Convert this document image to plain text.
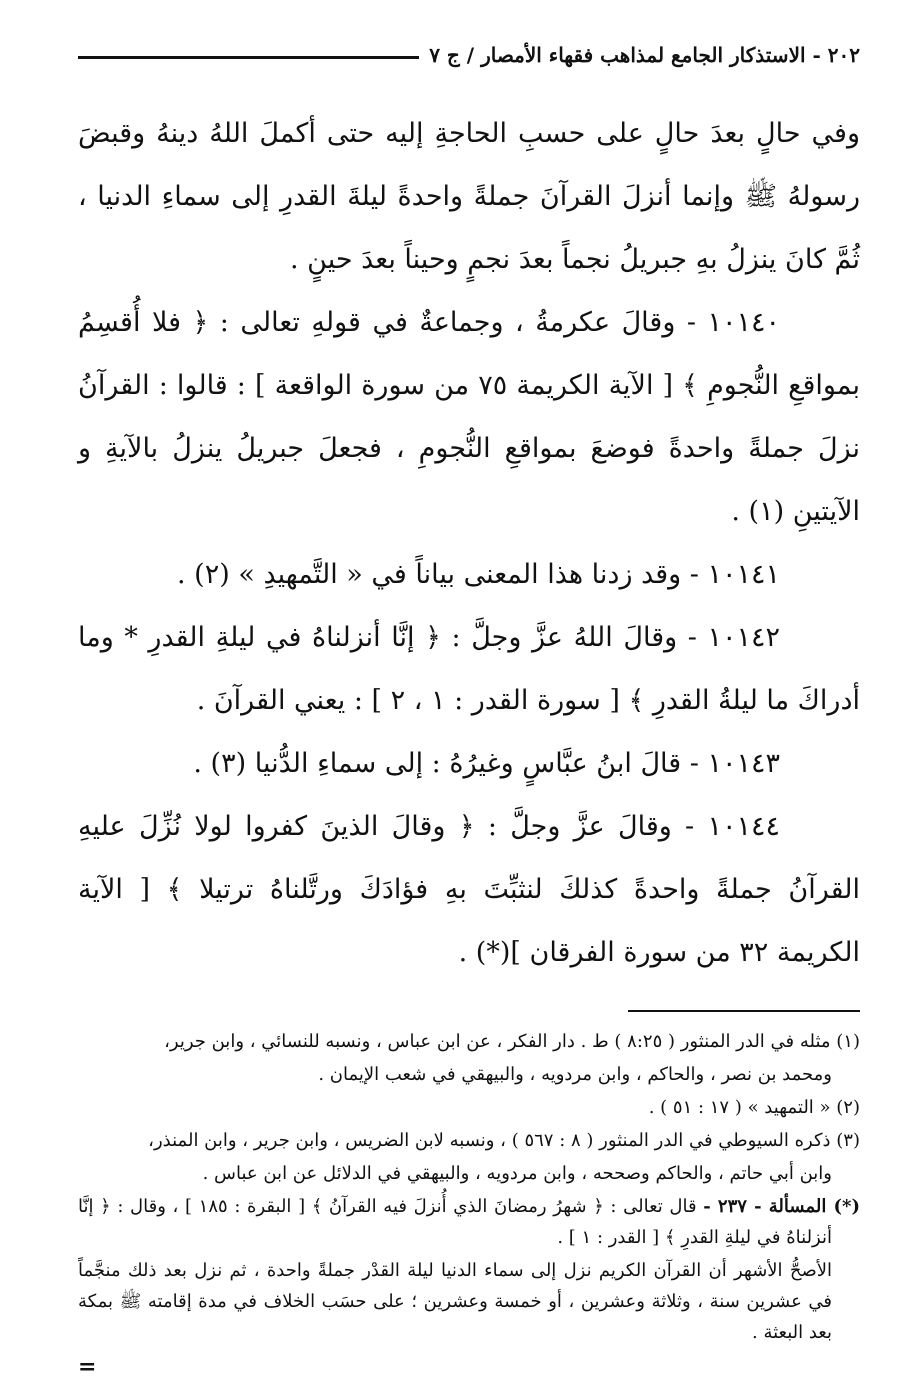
٢٠٢ - الاستذكار الجامع لمذاهب فقهاء الأمصار / ج ٧

وفي حالٍ بعدَ حالٍ على حسبِ الحاجةِ إليه حتى أكملَ اللهُ دينهُ وقبضَ رسولهُ ﷺ وإنما أنزلَ القرآنَ جملةً واحدةً ليلةَ القدرِ إلى سماءِ الدنيا ، ثُمَّ كانَ ينزلُ بهِ جبريلُ نجماً بعدَ نجمٍ وحيناً بعدَ حينٍ .

١٠١٤٠ - وقالَ عكرمةُ ، وجماعةٌ في قولهِ تعالى : ﴿ فلا أُقسِمُ بمواقعِ النُّجومِ ﴾ [ الآية الكريمة ٧٥ من سورة الواقعة ] : قالوا : القرآنُ نزلَ جملةً واحدةً فوضعَ بمواقعِ النُّجومِ ، فجعلَ جبريلُ ينزلُ بالآيةِ و الآيتينِ (١) .

١٠١٤١ - وقد زدنا هذا المعنى بياناً في « التَّمهيدِ » (٢) .

١٠١٤٢ - وقالَ اللهُ عزَّ وجلَّ : ﴿ إنَّا أنزلناهُ في ليلةِ القدرِ * وما أدراكَ ما ليلةُ القدرِ ﴾ [ سورة القدر : ١ ، ٢ ] : يعني القرآنَ .

١٠١٤٣ - قالَ ابنُ عبَّاسٍ وغيرُهُ : إلى سماءِ الدُّنيا (٣) .

١٠١٤٤ - وقالَ عزَّ وجلَّ : ﴿ وقالَ الذينَ كفروا لولا نُزِّلَ عليهِ القرآنُ جملةً واحدةً كذلكَ لنثبِّتَ بهِ فؤادَكَ ورتَّلناهُ ترتيلا ﴾ [ الآية الكريمة ٣٢ من سورة الفرقان ](*) .

(١) مثله في الدر المنثور ( ٨:٢٥ ) ط . دار الفكر ، عن ابن عباس ، ونسبه للنسائي ، وابن جرير،

ومحمد بن نصر ، والحاكم ، وابن مردويه ، والبيهقي في شعب الإيمان .

(٢) « التمهيد » ( ١٧ : ٥١ ) .

(٣) ذكره السيوطي في الدر المنثور ( ٨ : ٥٦٧ ) ، ونسبه لابن الضريس ، وابن جرير ، وابن المنذر،

وابن أبي حاتم ، والحاكم وصححه ، وابن مردويه ، والبيهقي في الدلائل عن ابن عباس .

(*) المسألة - ٢٣٧ - قال تعالى : ﴿ شهرُ رمضانَ الذي أُنزلَ فيه القرآنُ ﴾ [ البقرة : ١٨٥ ] ، وقال : ﴿ إنَّا أنزلناهُ في ليلةِ القدرِ ﴾ [ القدر : ١ ] .

الأصحُّ الأشهر أن القرآن الكريم نزل إلى سماء الدنيا ليلة القدْر جملةً واحدة ، ثم نزل بعد ذلك منجَّماً في عشرين سنة ، وثلاثة وعشرين ، أو خمسة وعشرين ؛ على حسَب الخلاف في مدة إقامته ﷺ بمكة بعد البعثة .

=
